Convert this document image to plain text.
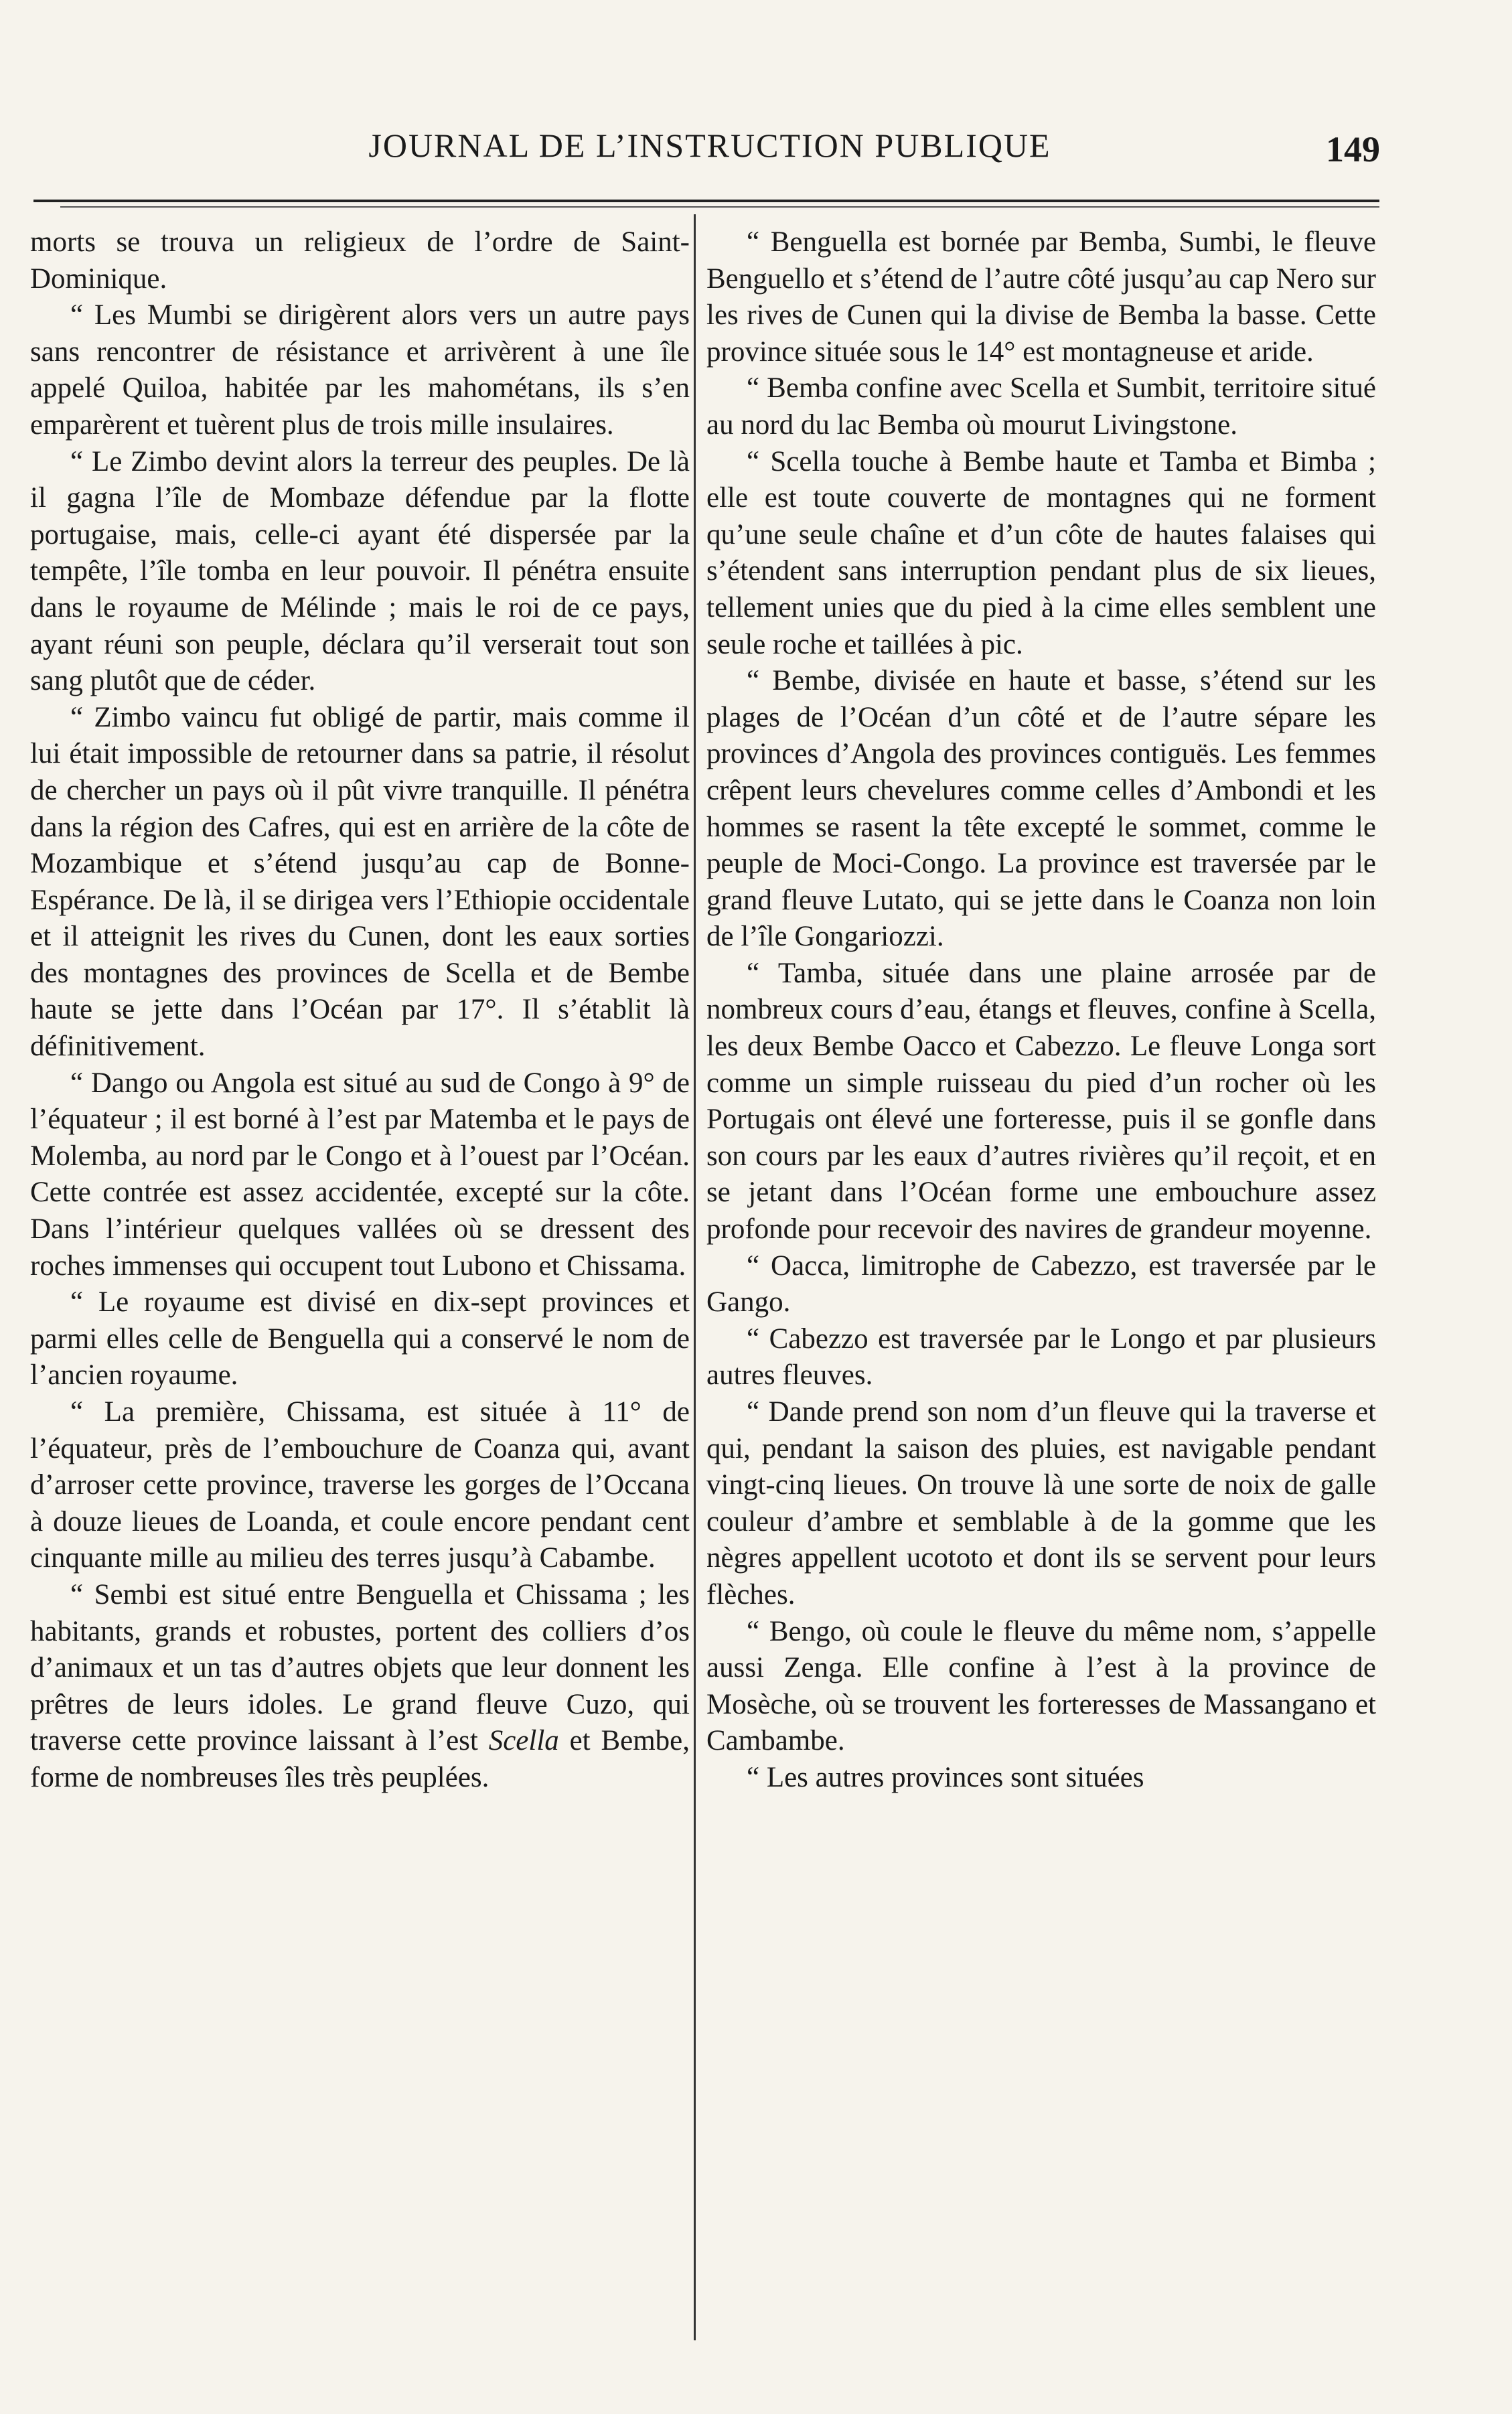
JOURNAL DE L’INSTRUCTION PUBLIQUE	149

morts se trouva un religieux de l’ordre de Saint-Dominique.

“ Les Mumbi se dirigèrent alors vers un autre pays sans rencontrer de résistance et arrivèrent à une île appelé Quiloa, habitée par les mahométans, ils s’en emparèrent et tuèrent plus de trois mille insulaires.

“ Le Zimbo devint alors la terreur des peuples. De là il gagna l’île de Mombaze défendue par la flotte portugaise, mais, celle-ci ayant été dispersée par la tempête, l’île tomba en leur pouvoir. Il pénétra ensuite dans le royaume de Mélinde ; mais le roi de ce pays, ayant réuni son peuple, déclara qu’il verserait tout son sang plutôt que de céder.

“ Zimbo vaincu fut obligé de partir, mais comme il lui était impossible de retourner dans sa patrie, il résolut de chercher un pays où il pût vivre tranquille. Il pénétra dans la région des Cafres, qui est en arrière de la côte de Mozambique et s’étend jusqu’au cap de Bonne-Espérance. De là, il se dirigea vers l’Ethiopie occidentale et il atteignit les rives du Cunen, dont les eaux sorties des montagnes des provinces de Scella et de Bembe haute se jette dans l’Océan par 17°. Il s’établit là définitivement.

“ Dango ou Angola est situé au sud de Congo à 9° de l’équateur ; il est borné à l’est par Matemba et le pays de Molemba, au nord par le Congo et à l’ouest par l’Océan. Cette contrée est assez accidentée, excepté sur la côte. Dans l’intérieur quelques vallées où se dressent des roches immenses qui occupent tout Lubono et Chissama.

“ Le royaume est divisé en dix-sept provinces et parmi elles celle de Benguella qui a conservé le nom de l’ancien royaume.

“ La première, Chissama, est située à 11° de l’équateur, près de l’embouchure de Coanza qui, avant d’arroser cette province, traverse les gorges de l’Occana à douze lieues de Loanda, et coule encore pendant cent cinquante mille au milieu des terres jusqu’à Cabambe.

“ Sembi est situé entre Benguella et Chissama ; les habitants, grands et robustes, portent des colliers d’os d’animaux et un tas d’autres objets que leur donnent les prêtres de leurs idoles. Le grand fleuve Cuzo, qui traverse cette province laissant à l’est Scella et Bembe, forme de nombreuses îles très peuplées.

“ Benguella est bornée par Bemba, Sumbi, le fleuve Benguello et s’étend de l’autre côté jusqu’au cap Nero sur les rives de Cunen qui la divise de Bemba la basse. Cette province située sous le 14° est montagneuse et aride.

“ Bemba confine avec Scella et Sumbit, territoire situé au nord du lac Bemba où mourut Livingstone.

“ Scella touche à Bembe haute et Tamba et Bimba ; elle est toute couverte de montagnes qui ne forment qu’une seule chaîne et d’un côte de hautes falaises qui s’étendent sans interruption pendant plus de six lieues, tellement unies que du pied à la cime elles semblent une seule roche et taillées à pic.

“ Bembe, divisée en haute et basse, s’étend sur les plages de l’Océan d’un côté et de l’autre sépare les provinces d’Angola des provinces contiguës. Les femmes crêpent leurs chevelures comme celles d’Ambondi et les hommes se rasent la tête excepté le sommet, comme le peuple de Moci-Congo. La province est traversée par le grand fleuve Lutato, qui se jette dans le Coanza non loin de l’île Gongariozzi.

“ Tamba, située dans une plaine arrosée par de nombreux cours d’eau, étangs et fleuves, confine à Scella, les deux Bembe Oacco et Cabezzo. Le fleuve Longa sort comme un simple ruisseau du pied d’un rocher où les Portugais ont élevé une forteresse, puis il se gonfle dans son cours par les eaux d’autres rivières qu’il reçoit, et en se jetant dans l’Océan forme une embouchure assez profonde pour recevoir des navires de grandeur moyenne.

“ Oacca, limitrophe de Cabezzo, est traversée par le Gango.

“ Cabezzo est traversée par le Longo et par plusieurs autres fleuves.

“ Dande prend son nom d’un fleuve qui la traverse et qui, pendant la saison des pluies, est navigable pendant vingt-cinq lieues. On trouve là une sorte de noix de galle couleur d’ambre et semblable à de la gomme que les nègres appellent ucototo et dont ils se servent pour leurs flèches.

“ Bengo, où coule le fleuve du même nom, s’appelle aussi Zenga. Elle confine à l’est à la province de Mosèche, où se trouvent les forteresses de Massangano et Cambambe.

“ Les autres provinces sont situées
